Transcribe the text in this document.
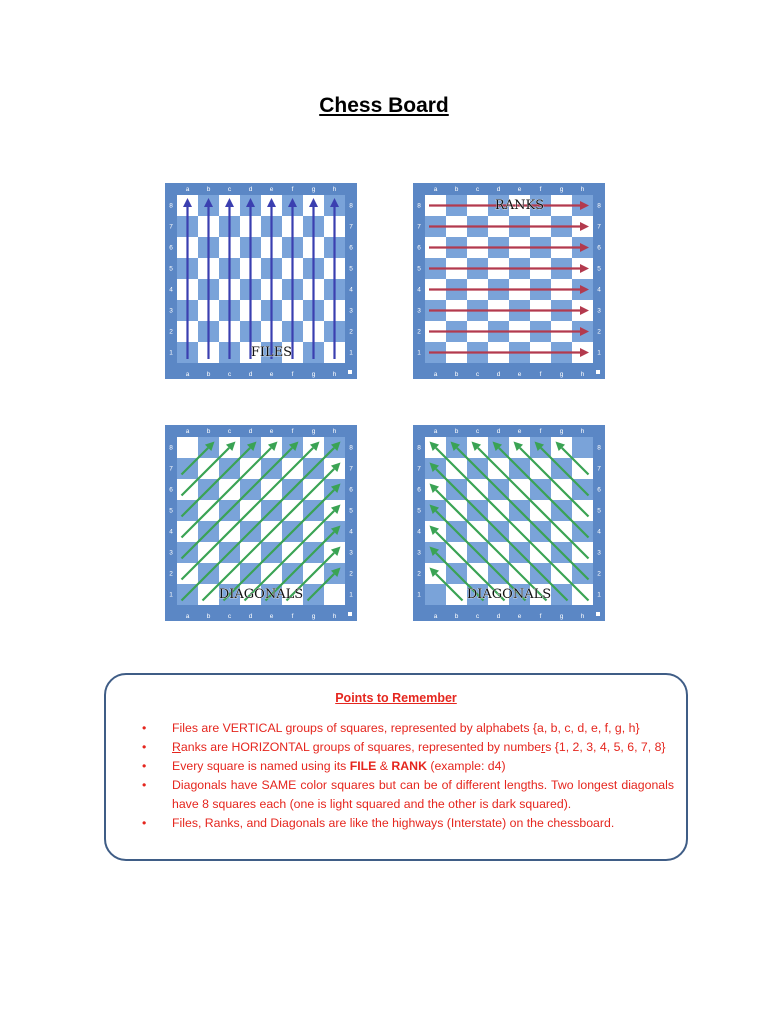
Chess Board
a
a
b
b
c
c
d
d
e
e
f
f
g
g
h
h
1	1
2	2
3	3
4	4
5	5
6	6
7	7
8	8
FILES
a
a
b
b
c
c
d
d
e
e
f
f
g
g
h
h
1	1
2	2
3	3
4	4
5	5
6	6
7	7
8	8
RANKS
a
a
b
b
c
c
d
d
e
e
f
f
g
g
h
h
1	1
2	2
3	3
4	4
5	5
6	6
7	7
8	8
DIAGONALS
a
a
b
b
c
c
d
d
e
e
f
f
g
g
h
h
1	1
2	2
3	3
4	4
5	5
6	6
7	7
8	8
DIAGONALS
Points to Remember
• Files are VERTICAL groups of squares, represented by alphabets {a, b, c, d, e, f, g, h}
• Ranks are HORIZONTAL groups of squares, represented by numbers {1, 2, 3, 4, 5, 6, 7, 8}
• Every square is named using its FILE & RANK (example: d4)
• Diagonals have SAME color squares but can be of different lengths. Two longest diagonals have 8 squares each (one is light squared and the other is dark squared).
• Files, Ranks, and Diagonals are like the highways (Interstate) on the chessboard.
